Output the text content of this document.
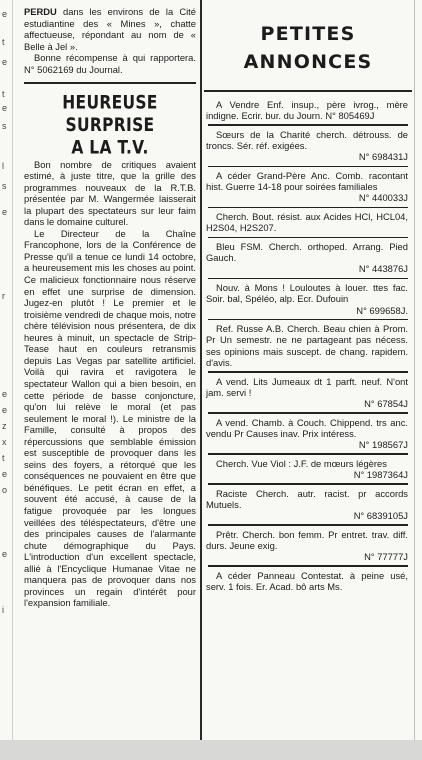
e
t
e
t
e
s
l
s
e
r
e
e
z
x
t
e
o
e
i

PERDU dans les environs de la Cité estudiantine des « Mines », chatte affectueuse, répondant au nom de « Belle à Jel ».

Bonne récompense à qui rapportera. N° 5062169 du Journal.

HEUREUSE SURPRISE
A LA T.V.

Bon nombre de critiques avaient estimé, à juste titre, que la grille des programmes nouveaux de la R.T.B. présentée par M. Wangermée laisserait la plupart des spectateurs sur leur faim dans le domaine culturel.

Le Directeur de la Chaîne Francophone, lors de la Conférence de Presse qu'il a tenue ce lundi 14 octobre, a heureusement mis les choses au point. Ce malicieux fonctionnaire nous réserve en effet une surprise de dimension. Jugez-en plutôt ! Le premier et le troisième vendredi de chaque mois, notre chère télévision nous présentera, de dix heures à minuit, un spectacle de Strip-Tease haut en couleurs retransmis depuis Las Vegas par satellite artificiel. Voilà qui ravira et ravigotera le spectateur Wallon qui a bien besoin, en cette période de basse conjoncture, qu'on lui relève le moral (et pas seulement le moral !). Le ministre de la Famille, consulté à propos des répercussions que semblable émission est susceptible de provoquer dans les seins des foyers, a rétorqué que les conséquences ne pouvaient en être que bénéfiques. Le petit écran en effet, a souvent été accusé, à cause de la fatigue provoquée par les longues veillées des téléspectateurs, d'être une des principales causes de l'alarmante chute démographique du Pays. L'introduction d'un excellent spectacle, allié à l'Encyclique Humanae Vitae ne manquera pas de provoquer dans nos provinces un regain d'intérêt pour l'expansion familiale.

PETITES
ANNONCES

A Vendre Enf. insup., père ivrog., mère indigne. Ecrir. bur. du Journ. N° 805469J

Sœurs de la Charité cherch. détrouss. de troncs. Sér. réf. exigées.

N° 698431J

A céder Grand-Père Anc. Comb. racontant hist. Guerre 14-18 pour soirées familiales

N° 440033J

Cherch. Bout. résist. aux Acides HCl, HCL04, H2S04, H2S207.

Bleu FSM. Cherch. orthoped. Arrang. Pied Gauch.

N° 443876J

Nouv. à Mons ! Louloutes à louer. ttes fac. Soir. bal, Spéléo, alp. Ecr. Dufouin

N° 699658J.

Ref. Russe A.B. Cherch. Beau chien à Prom. Pr Un semestr. ne ne partageant pas nécess. ses opinions mais suscept. de chang. rapidem. d'avis.

A vend. Lits Jumeaux dt 1 parft. neuf. N'ont jam. servi !

N° 67854J

A vend. Chamb. à Couch. Chippend. trs anc. vendu Pr Causes inav. Prix intéress.

N° 198567J

Cherch. Vue Viol : J.F. de mœurs légères

N° 1987364J

Raciste Cherch. autr. racist. pr accords Mutuels.

N° 6839105J

Prêtr. Cherch. bon femm. Pr entret. trav. diff. durs. Jeune exig.

N° 77777J

A céder Panneau Contestat. à peine usé, serv. 1 fois. Er. Acad. bô arts Ms.
